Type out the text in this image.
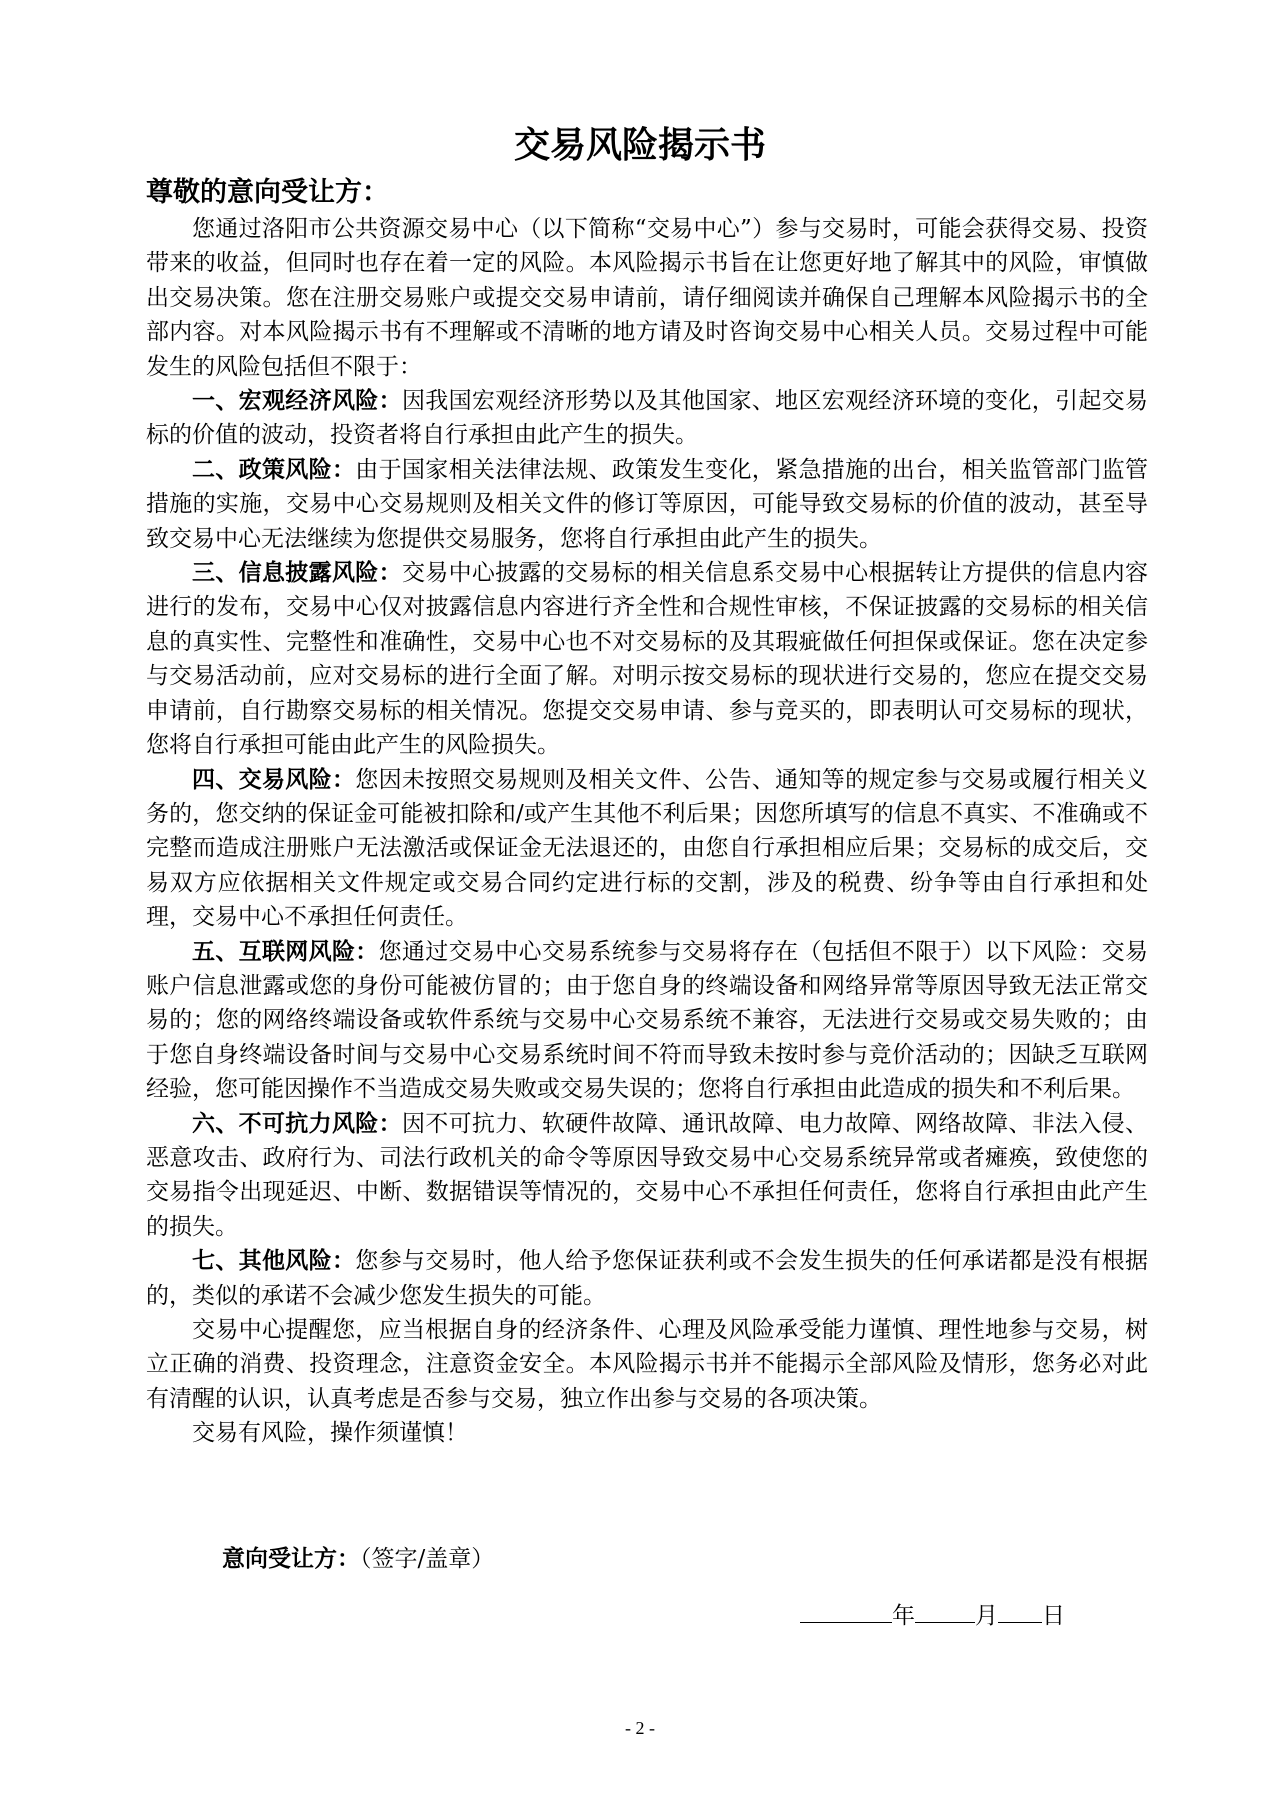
交易风险揭示书

尊敬的意向受让方：

您通过洛阳市公共资源交易中心（以下简称“交易中心”）参与交易时，可能会获得交易、投资带来的收益，但同时也存在着一定的风险。本风险揭示书旨在让您更好地了解其中的风险，审慎做出交易决策。您在注册交易账户或提交交易申请前，请仔细阅读并确保自己理解本风险揭示书的全部内容。对本风险揭示书有不理解或不清晰的地方请及时咨询交易中心相关人员。交易过程中可能发生的风险包括但不限于：

一、宏观经济风险：因我国宏观经济形势以及其他国家、地区宏观经济环境的变化，引起交易标的价值的波动，投资者将自行承担由此产生的损失。

二、政策风险：由于国家相关法律法规、政策发生变化，紧急措施的出台，相关监管部门监管措施的实施，交易中心交易规则及相关文件的修订等原因，可能导致交易标的价值的波动，甚至导致交易中心无法继续为您提供交易服务，您将自行承担由此产生的损失。

三、信息披露风险：交易中心披露的交易标的相关信息系交易中心根据转让方提供的信息内容进行的发布，交易中心仅对披露信息内容进行齐全性和合规性审核，不保证披露的交易标的相关信息的真实性、完整性和准确性，交易中心也不对交易标的及其瑕疵做任何担保或保证。您在决定参与交易活动前，应对交易标的进行全面了解。对明示按交易标的现状进行交易的，您应在提交交易申请前，自行勘察交易标的相关情况。您提交交易申请、参与竞买的，即表明认可交易标的现状，您将自行承担可能由此产生的风险损失。

四、交易风险：您因未按照交易规则及相关文件、公告、通知等的规定参与交易或履行相关义务的，您交纳的保证金可能被扣除和/或产生其他不利后果；因您所填写的信息不真实、不准确或不完整而造成注册账户无法激活或保证金无法退还的，由您自行承担相应后果；交易标的成交后，交易双方应依据相关文件规定或交易合同约定进行标的交割，涉及的税费、纷争等由自行承担和处理，交易中心不承担任何责任。

五、互联网风险：您通过交易中心交易系统参与交易将存在（包括但不限于）以下风险：交易账户信息泄露或您的身份可能被仿冒的；由于您自身的终端设备和网络异常等原因导致无法正常交易的；您的网络终端设备或软件系统与交易中心交易系统不兼容，无法进行交易或交易失败的；由于您自身终端设备时间与交易中心交易系统时间不符而导致未按时参与竞价活动的；因缺乏互联网经验，您可能因操作不当造成交易失败或交易失误的；您将自行承担由此造成的损失和不利后果。

六、不可抗力风险：因不可抗力、软硬件故障、通讯故障、电力故障、网络故障、非法入侵、恶意攻击、政府行为、司法行政机关的命令等原因导致交易中心交易系统异常或者瘫痪，致使您的交易指令出现延迟、中断、数据错误等情况的，交易中心不承担任何责任，您将自行承担由此产生的损失。

七、其他风险：您参与交易时，他人给予您保证获利或不会发生损失的任何承诺都是没有根据的，类似的承诺不会减少您发生损失的可能。

交易中心提醒您，应当根据自身的经济条件、心理及风险承受能力谨慎、理性地参与交易，树立正确的消费、投资理念，注意资金安全。本风险揭示书并不能揭示全部风险及情形，您务必对此有清醒的认识，认真考虑是否参与交易，独立作出参与交易的各项决策。

交易有风险，操作须谨慎！

意向受让方：（签字/盖章）

年	月 日
- 2 -
